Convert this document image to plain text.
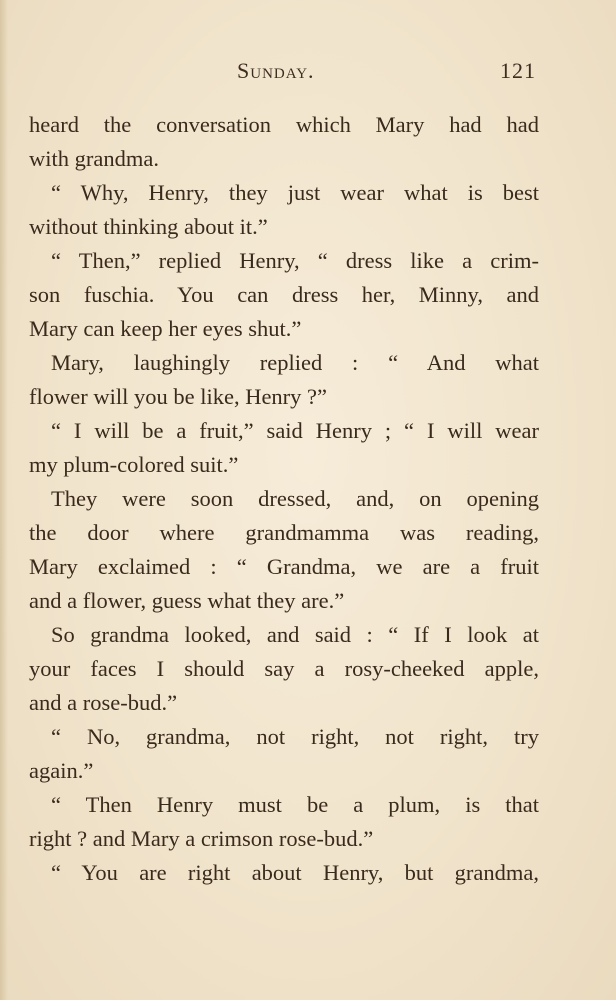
Sunday.	121
heard the conversation which Mary had had
with grandma.
“ Why, Henry, they just wear what is best
without thinking about it.”
“ Then,” replied Henry, “ dress like a crim-
son fuschia. You can dress her, Minny, and
Mary can keep her eyes shut.”
Mary, laughingly replied : “ And what
flower will you be like, Henry ?”
“ I will be a fruit,” said Henry ; “ I will wear
my plum-colored suit.”
They were soon dressed, and, on opening
the door where grandmamma was reading,
Mary exclaimed : “ Grandma, we are a fruit
and a flower, guess what they are.”
So grandma looked, and said : “ If I look at
your faces I should say a rosy-cheeked apple,
and a rose-bud.”
“ No, grandma, not right, not right, try
again.”
“ Then Henry must be a plum, is that
right ? and Mary a crimson rose-bud.”
“ You are right about Henry, but grandma,
